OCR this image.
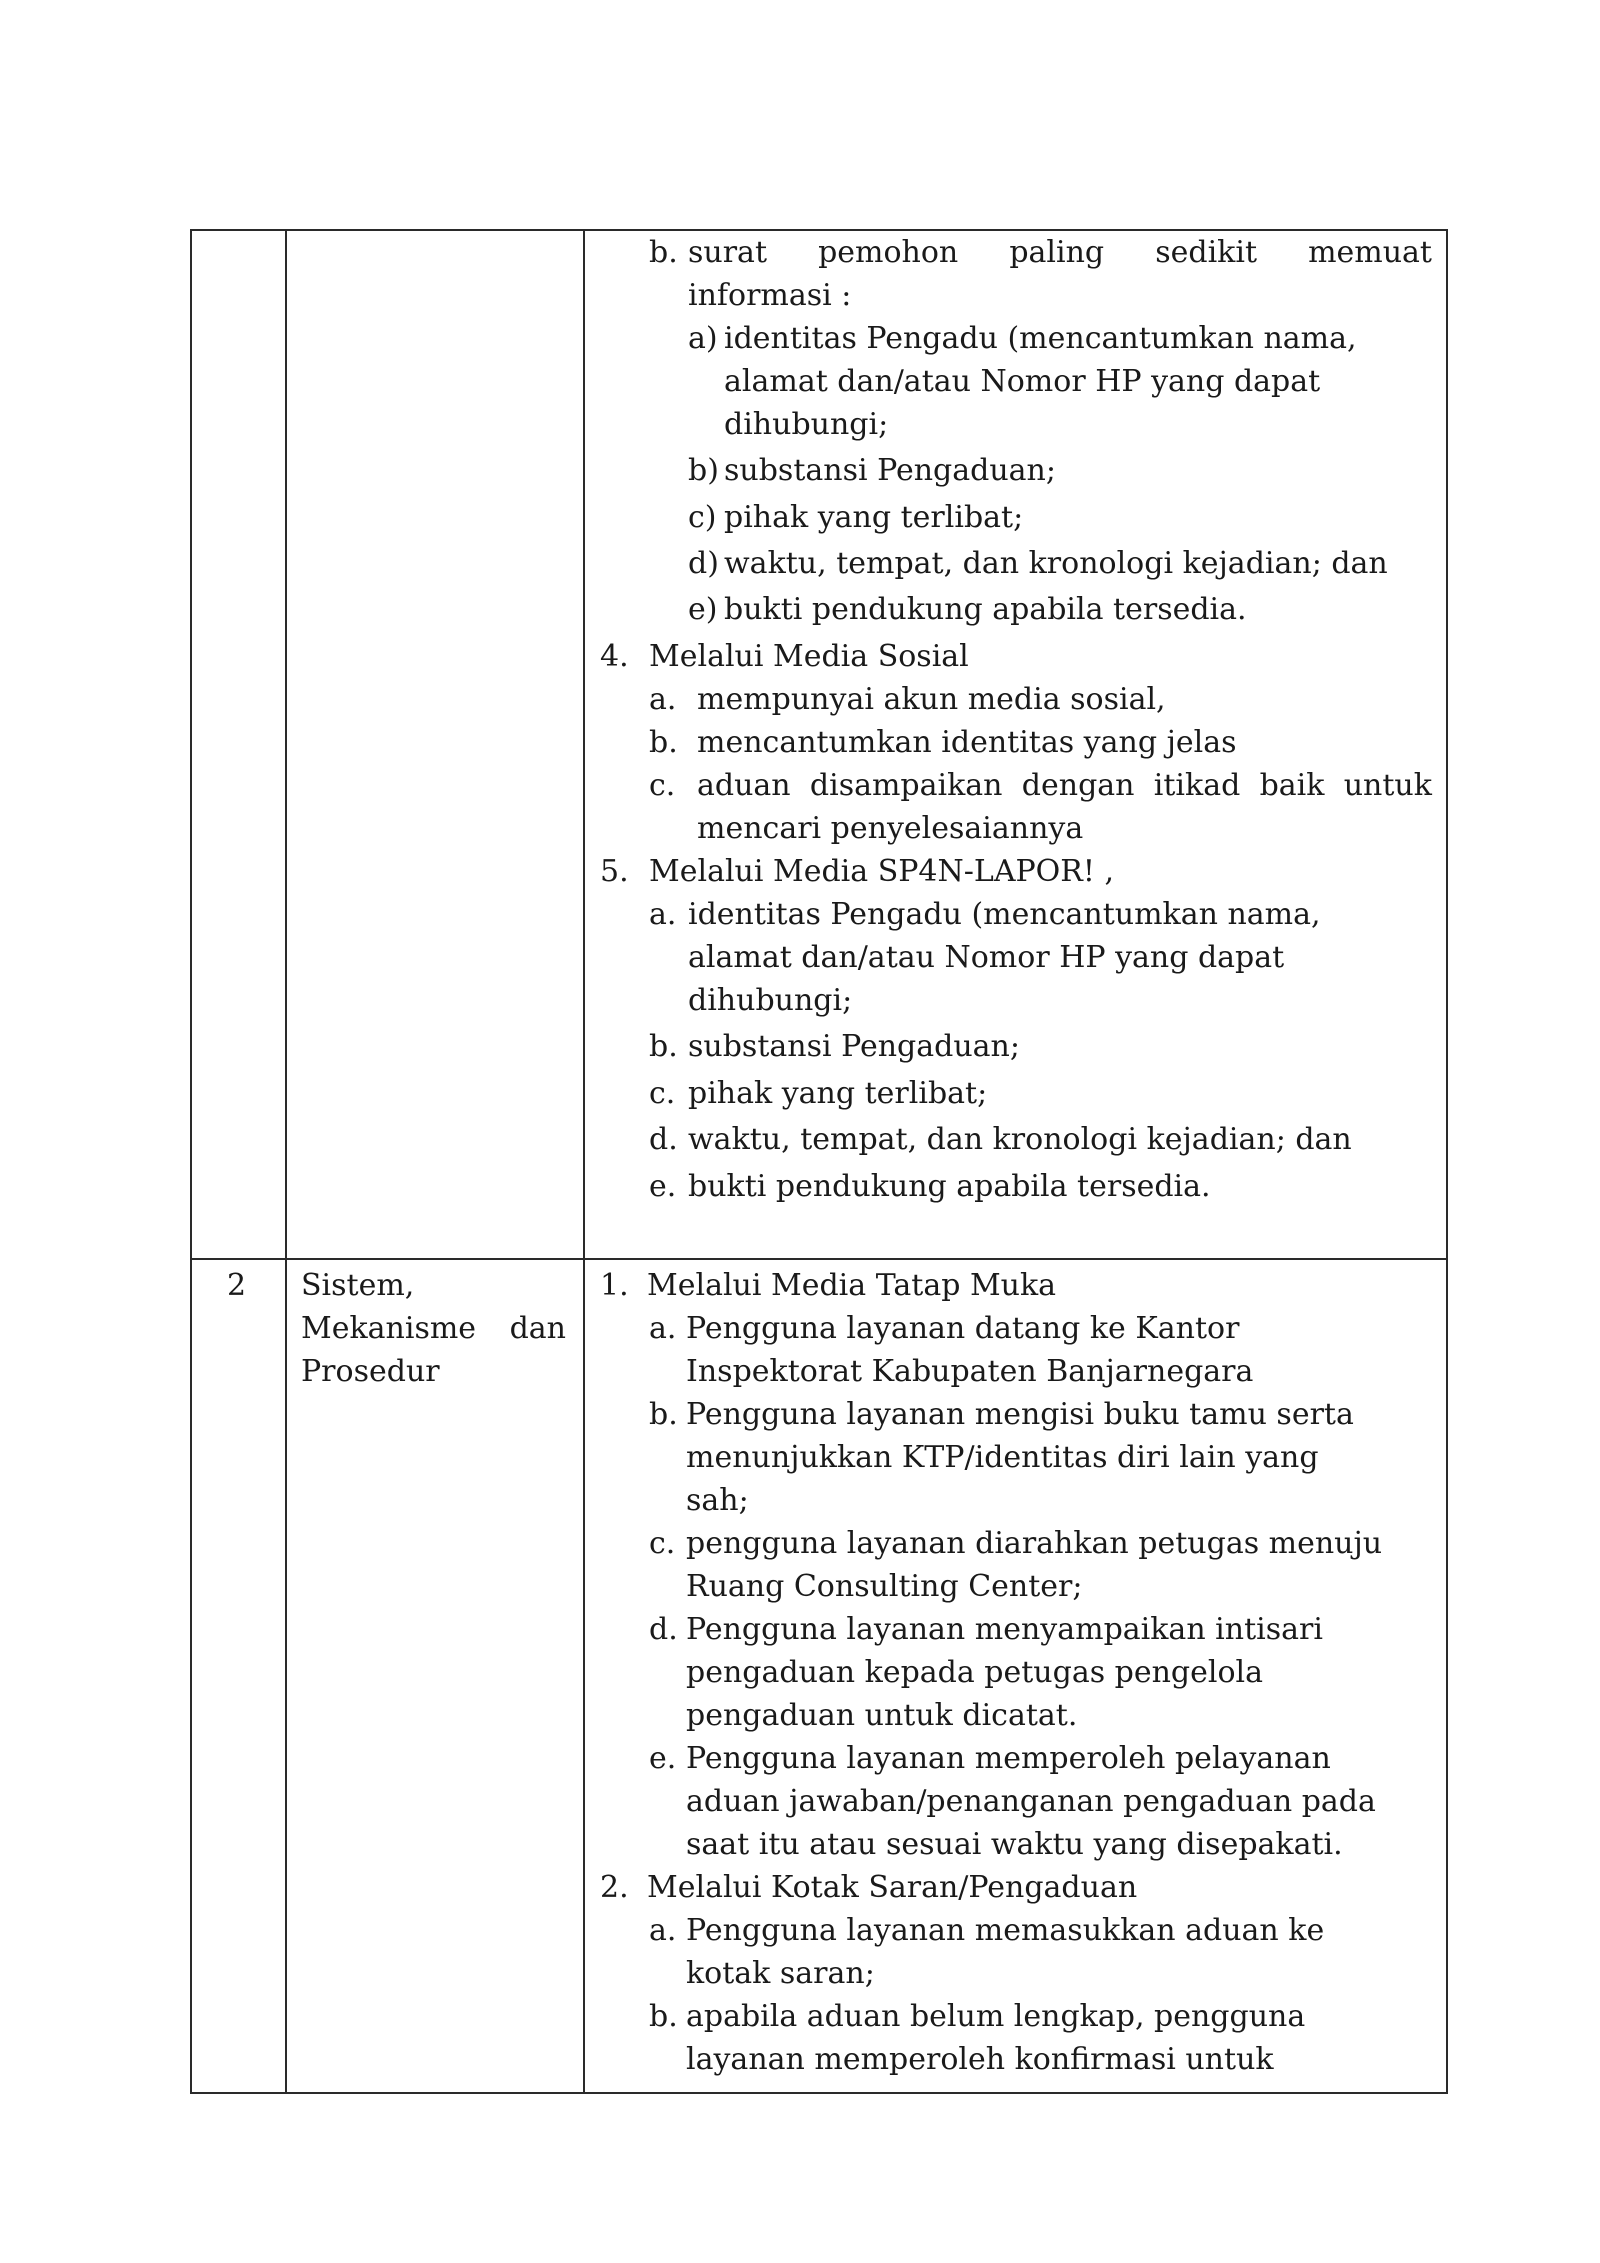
b. surat pemohon paling sedikit memuat
informasi :
a) identitas Pengadu (mencantumkan nama,
alamat dan/atau Nomor HP yang dapat
dihubungi;
b) substansi Pengaduan;
c) pihak yang terlibat;
d) waktu, tempat, dan kronologi kejadian; dan
e) bukti pendukung apabila tersedia.
4. Melalui Media Sosial
a. mempunyai akun media sosial,
b. mencantumkan identitas yang jelas
c. aduan disampaikan dengan itikad baik untuk
mencari penyelesaiannya
5. Melalui Media SP4N-LAPOR! ,
a. identitas Pengadu (mencantumkan nama,
alamat dan/atau Nomor HP yang dapat
dihubungi;
b. substansi Pengaduan;
c. pihak yang terlibat;
d. waktu, tempat, dan kronologi kejadian; dan
e. bukti pendukung apabila tersedia.
2 Sistem,
Mekanisme dan
Prosedur
1. Melalui Media Tatap Muka
a. Pengguna layanan datang ke Kantor
Inspektorat Kabupaten Banjarnegara
b. Pengguna layanan mengisi buku tamu serta
menunjukkan KTP/identitas diri lain yang
sah;
c. pengguna layanan diarahkan petugas menuju
Ruang Consulting Center;
d. Pengguna layanan menyampaikan intisari
pengaduan kepada petugas pengelola
pengaduan untuk dicatat.
e. Pengguna layanan memperoleh pelayanan
aduan jawaban/penanganan pengaduan pada
saat itu atau sesuai waktu yang disepakati.
2. Melalui Kotak Saran/Pengaduan
a. Pengguna layanan memasukkan aduan ke
kotak saran;
b. apabila aduan belum lengkap, pengguna
layanan memperoleh konfirmasi untuk
